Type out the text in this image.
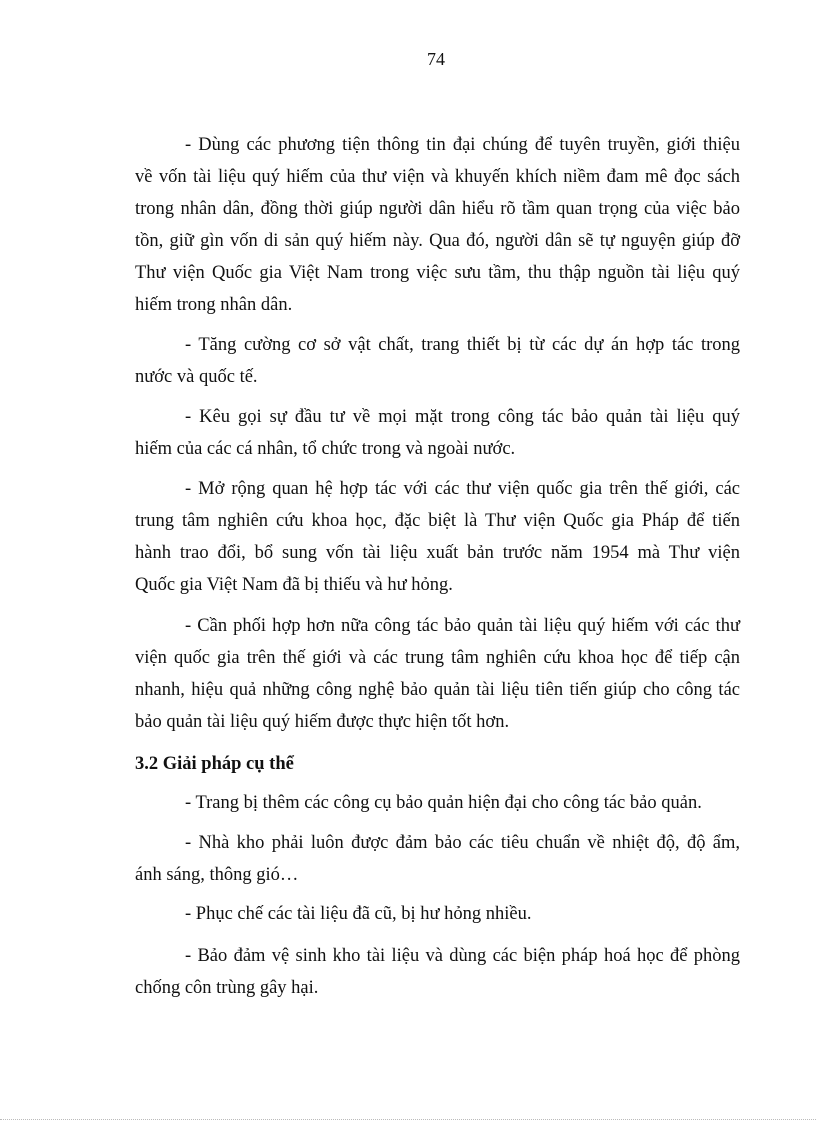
74
- Dùng các phương tiện thông tin đại chúng để tuyên truyền, giới thiệu
về vốn tài liệu quý hiếm của thư viện và khuyến khích niềm đam mê đọc sách
trong nhân dân, đồng thời giúp người dân hiểu rõ tầm quan trọng của việc bảo
tồn, giữ gìn vốn di sản quý hiếm này. Qua đó, người dân sẽ tự nguyện giúp đỡ
Thư viện Quốc gia Việt Nam trong việc sưu tầm, thu thập nguồn tài liệu quý
hiếm trong nhân dân.
- Tăng cường cơ sở vật chất, trang thiết bị từ các dự án hợp tác trong
nước và quốc tế.
- Kêu gọi sự đầu tư về mọi mặt trong công tác bảo quản tài liệu quý
hiếm của các cá nhân, tổ chức trong và ngoài nước.
- Mở rộng quan hệ hợp tác với các thư viện quốc gia trên thế giới, các
trung tâm nghiên cứu khoa học, đặc biệt là Thư viện Quốc gia Pháp để tiến
hành trao đổi, bổ sung vốn tài liệu xuất bản trước năm 1954 mà Thư viện
Quốc gia Việt Nam đã bị thiếu và hư hỏng.
- Cần phối hợp hơn nữa công tác bảo quản tài liệu quý hiếm với các thư
viện quốc gia trên thế giới và các trung tâm nghiên cứu khoa học để tiếp cận
nhanh, hiệu quả những công nghệ bảo quản tài liệu tiên tiến giúp cho công tác
bảo quản tài liệu quý hiếm được thực hiện tốt hơn.
- Trang bị thêm các công cụ bảo quản hiện đại cho công tác bảo quản.
- Nhà kho phải luôn được đảm bảo các tiêu chuẩn về nhiệt độ, độ ẩm,
ánh sáng, thông gió…
- Phục chế các tài liệu đã cũ, bị hư hỏng nhiều.
- Bảo đảm vệ sinh kho tài liệu và dùng các biện pháp hoá học để phòng
chống côn trùng gây hại.
3.2 Giải pháp cụ thể
